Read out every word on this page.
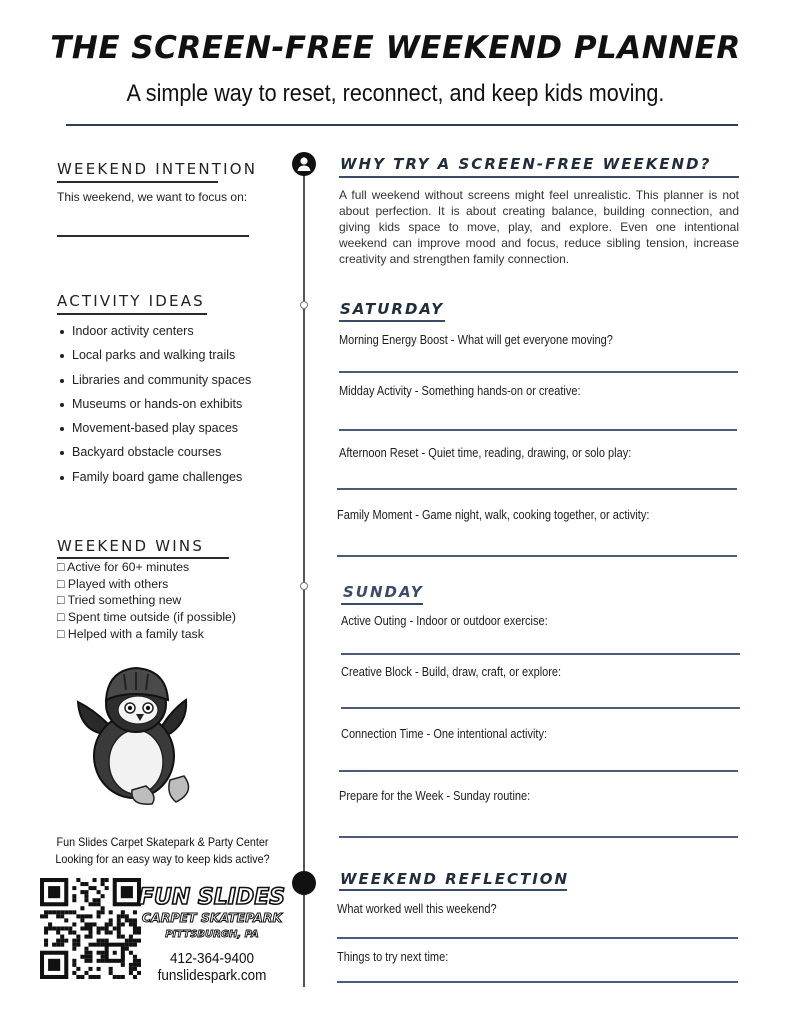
THE SCREEN-FREE WEEKEND PLANNER
A simple way to reset, reconnect, and keep kids moving.
WEEKEND INTENTION
This weekend, we want to focus on:
ACTIVITY IDEAS
Indoor activity centers
Local parks and walking trails
Libraries and community spaces
Museums or hands-on exhibits
Movement-based play spaces
Backyard obstacle courses
Family board game challenges
WEEKEND WINS
□ Active for 60+ minutes
□ Played with others
□ Tried something new
□ Spent time outside (if possible)
□ Helped with a family task
Fun Slides Carpet Skatepark & Party Center
Looking for an easy way to keep kids active?
FUN SLIDES
CARPET SKATEPARK
PITTSBURGH, PA
412-364-9400
funslidespark.com
WHY TRY A SCREEN-FREE WEEKEND?
A full weekend without screens might feel unrealistic. This planner is not about perfection. It is about creating balance, building connection, and giving kids space to move, play, and explore. Even one intentional weekend can improve mood and focus, reduce sibling tension, increase creativity and strengthen family connection.
SATURDAY
Morning Energy Boost - What will get everyone moving?
Midday Activity - Something hands-on or creative:
Afternoon Reset - Quiet time, reading, drawing, or solo play:
Family Moment - Game night, walk, cooking together, or activity:
SUNDAY
Active Outing - Indoor or outdoor exercise:
Creative Block - Build, draw, craft, or explore:
Connection Time - One intentional activity:
Prepare for the Week - Sunday routine:
WEEKEND REFLECTION
What worked well this weekend?
Things to try next time:
